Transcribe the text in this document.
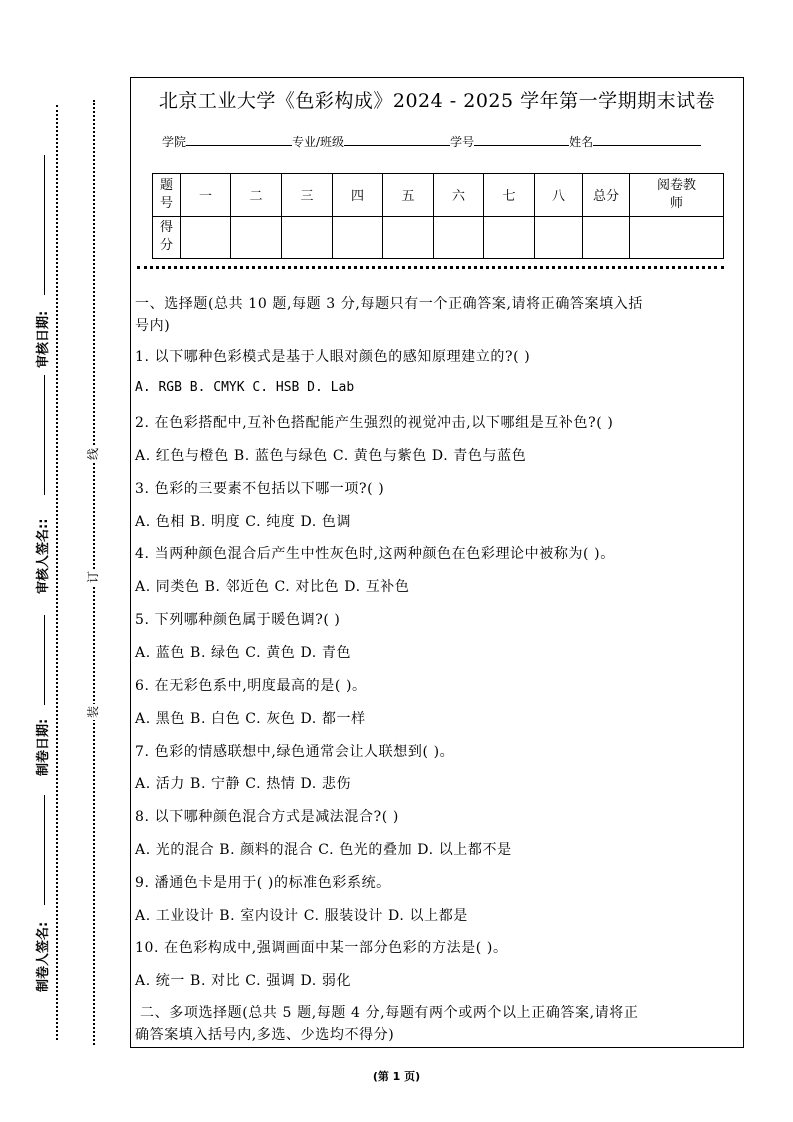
审核日期:
审核人签名::
制卷日期:
制卷人签名:
线
订
装
北京工业大学《色彩构成》2024 - 2025 学年第一学期期末试卷
学院	专业/班级	学号	姓名
题号	一	二	三	四	五	六	七	八	总分	阅卷教师
得分										
一、选择题(总共 10 题,每题 3 分,每题只有一个正确答案,请将正确答案填入括
号内)
1. 以下哪种色彩模式是基于人眼对颜色的感知原理建立的?( )
A. RGB B. CMYK C. HSB D. Lab
2. 在色彩搭配中,互补色搭配能产生强烈的视觉冲击,以下哪组是互补色?( )
A. 红色与橙色 B. 蓝色与绿色 C. 黄色与紫色 D. 青色与蓝色
3. 色彩的三要素不包括以下哪一项?( )
A. 色相 B. 明度 C. 纯度 D. 色调
4. 当两种颜色混合后产生中性灰色时,这两种颜色在色彩理论中被称为( )。
A. 同类色 B. 邻近色 C. 对比色 D. 互补色
5. 下列哪种颜色属于暖色调?( )
A. 蓝色 B. 绿色 C. 黄色 D. 青色
6. 在无彩色系中,明度最高的是( )。
A. 黑色 B. 白色 C. 灰色 D. 都一样
7. 色彩的情感联想中,绿色通常会让人联想到( )。
A. 活力 B. 宁静 C. 热情 D. 悲伤
8. 以下哪种颜色混合方式是减法混合?( )
A. 光的混合 B. 颜料的混合 C. 色光的叠加 D. 以上都不是
9. 潘通色卡是用于( )的标准色彩系统。
A. 工业设计 B. 室内设计 C. 服装设计 D. 以上都是
10. 在色彩构成中,强调画面中某一部分色彩的方法是( )。
A. 统一 B. 对比 C. 强调 D. 弱化
二、多项选择题(总共 5 题,每题 4 分,每题有两个或两个以上正确答案,请将正
确答案填入括号内,多选、少选均不得分)
(第 1 页)
